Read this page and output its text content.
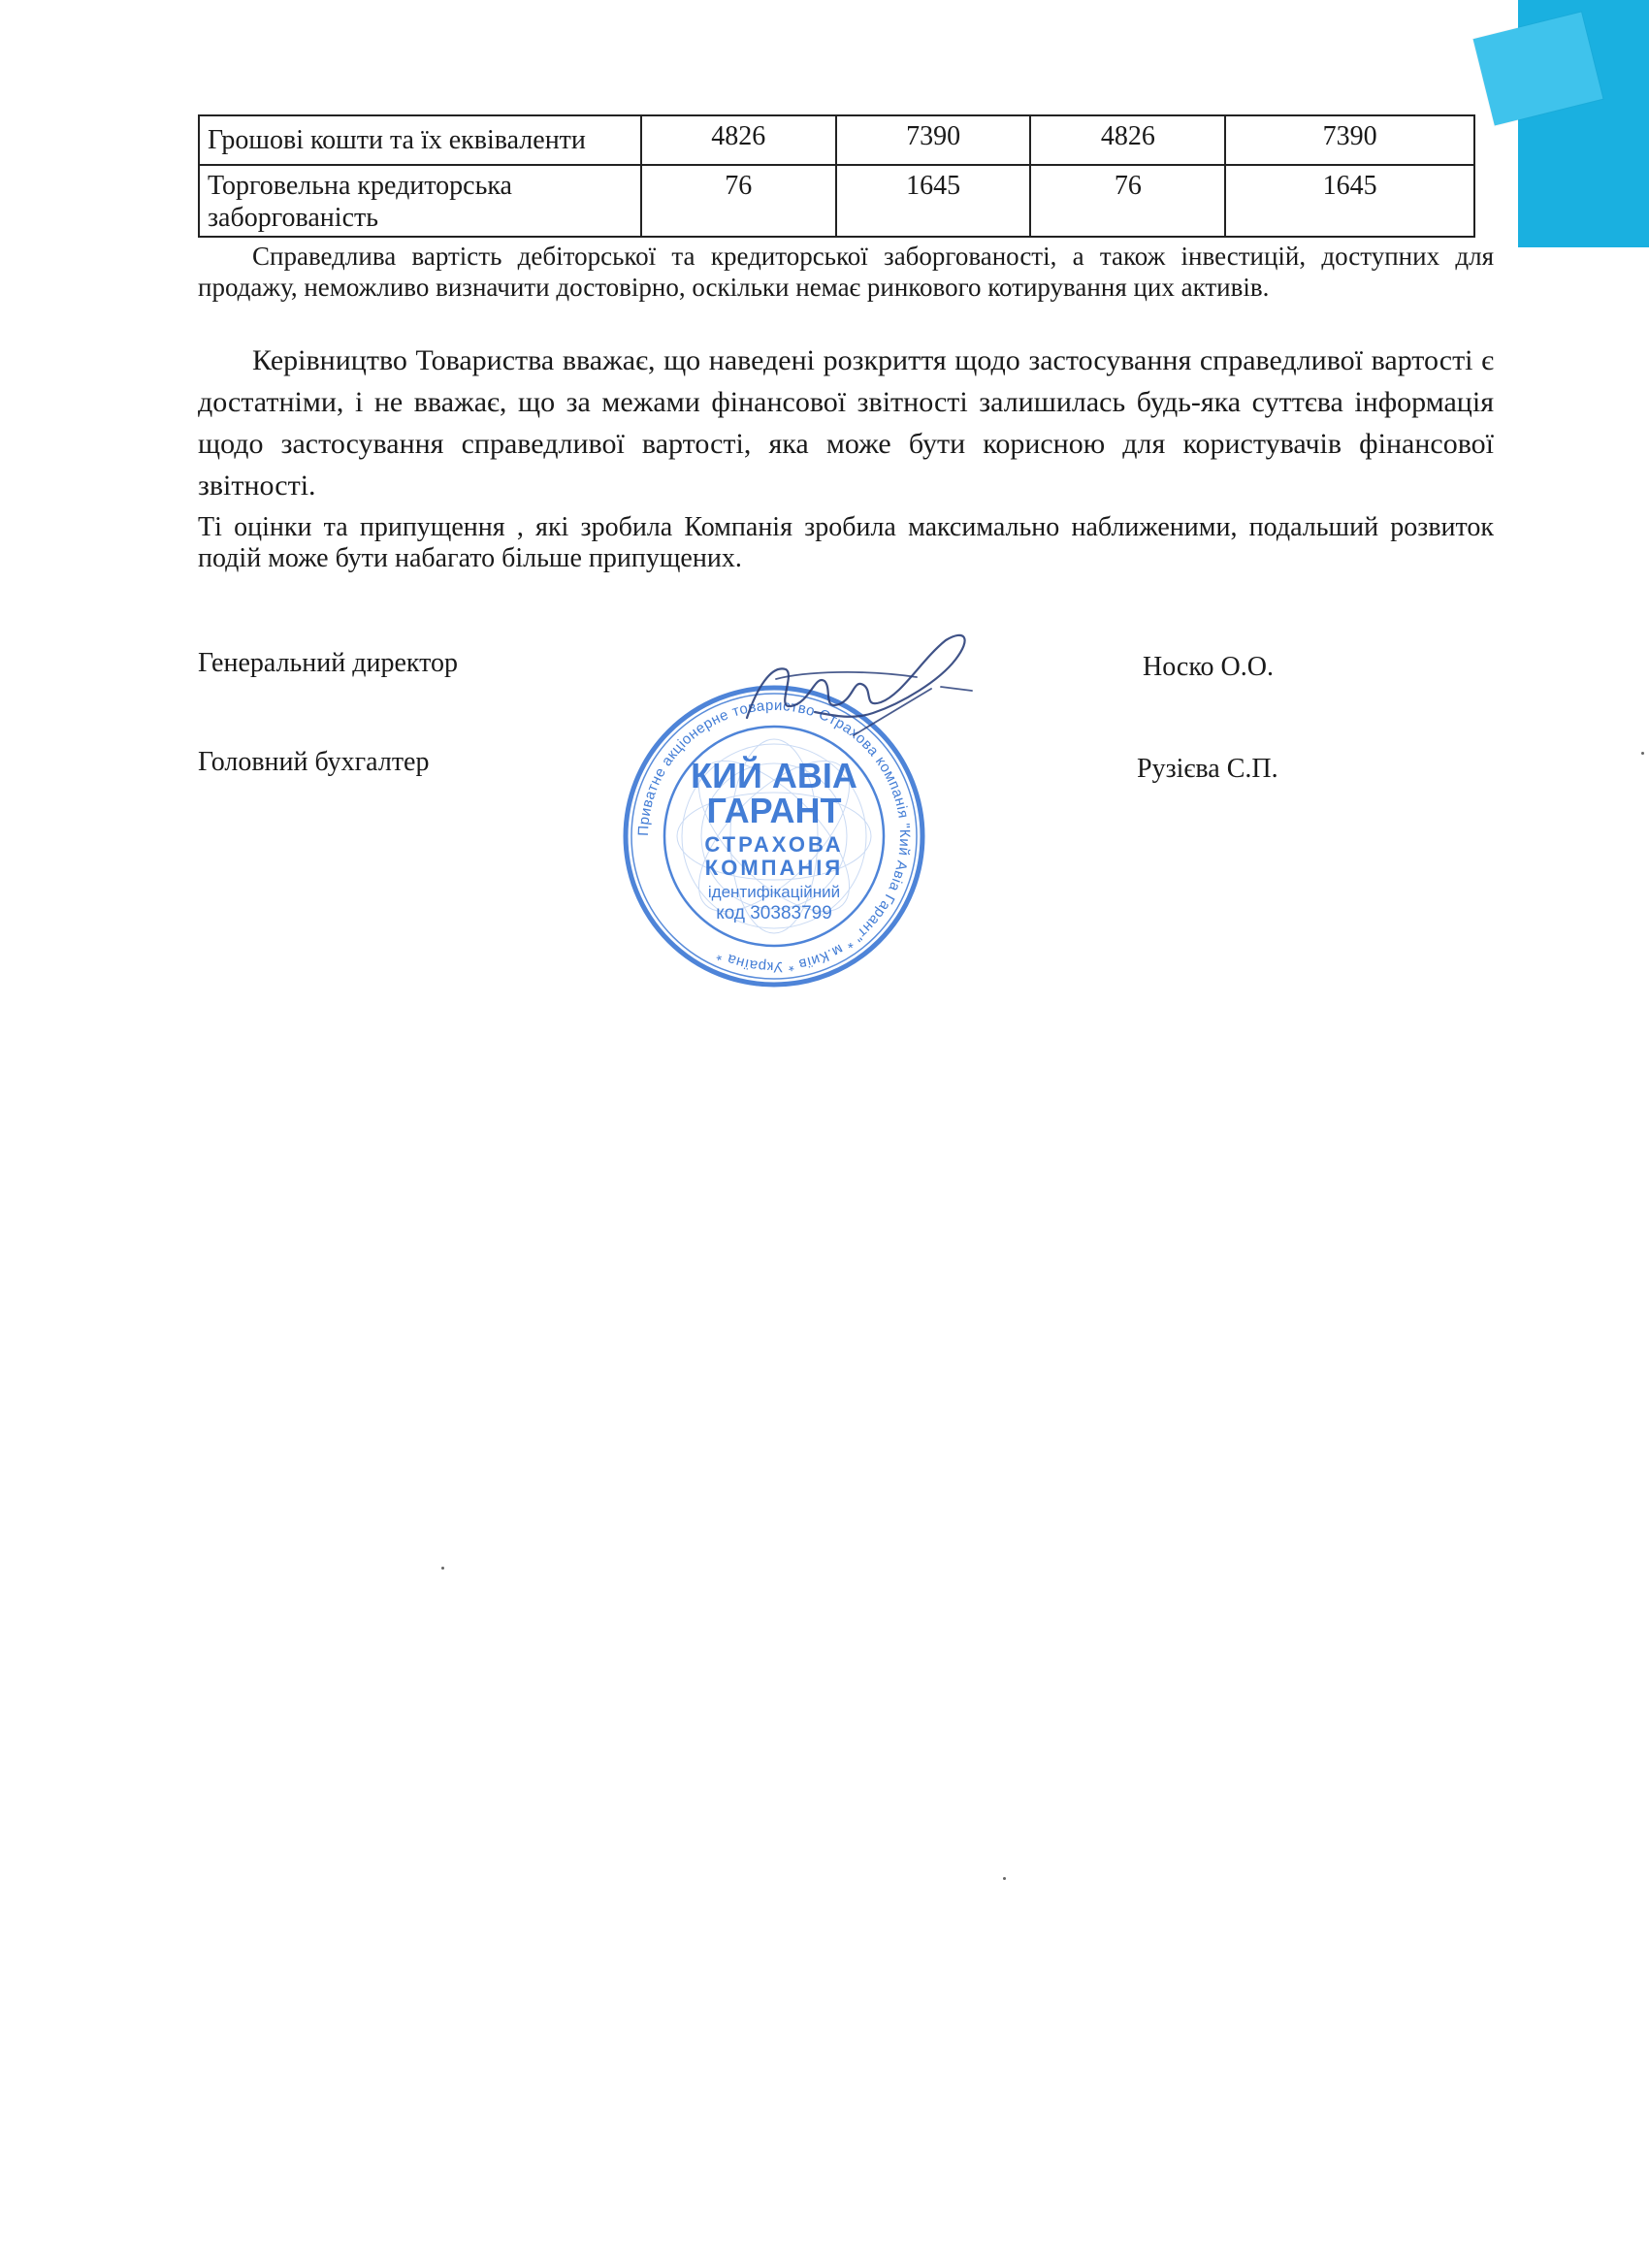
Грошові кошти та їх еквіваленти	4826	7390	4826	7390
Торговельна кредиторська заборгованість	76	1645	76	1645

Справедлива вартість дебіторської та кредиторської заборгованості, а також інвестицій, доступних для продажу, неможливо визначити достовірно, оскільки немає ринкового котирування цих активів.

Керівництво Товариства вважає, що наведені розкриття щодо застосування справедливої вартості є достатніми, і не вважає, що за межами фінансової звітності залишилась будь-яка суттєва інформація щодо застосування справедливої вартості, яка може бути корисною для користувачів фінансової звітності.

Ті оцінки та припущення , які зробила Компанія зробила максимально наближеними, подальший розвиток подій може бути набагато більше припущених.

Генеральний директор	Носко О.О.
Головний бухгалтер	Рузієва С.П.
Приватне акціонерне товариство Страхова компанія "Кий Авіа Гарант" * м.Київ * Україна *
КИЙ АВІА
ГАРАНТ
СТРАХОВА
КОМПАНІЯ
ідентифікаційний
код 30383799
